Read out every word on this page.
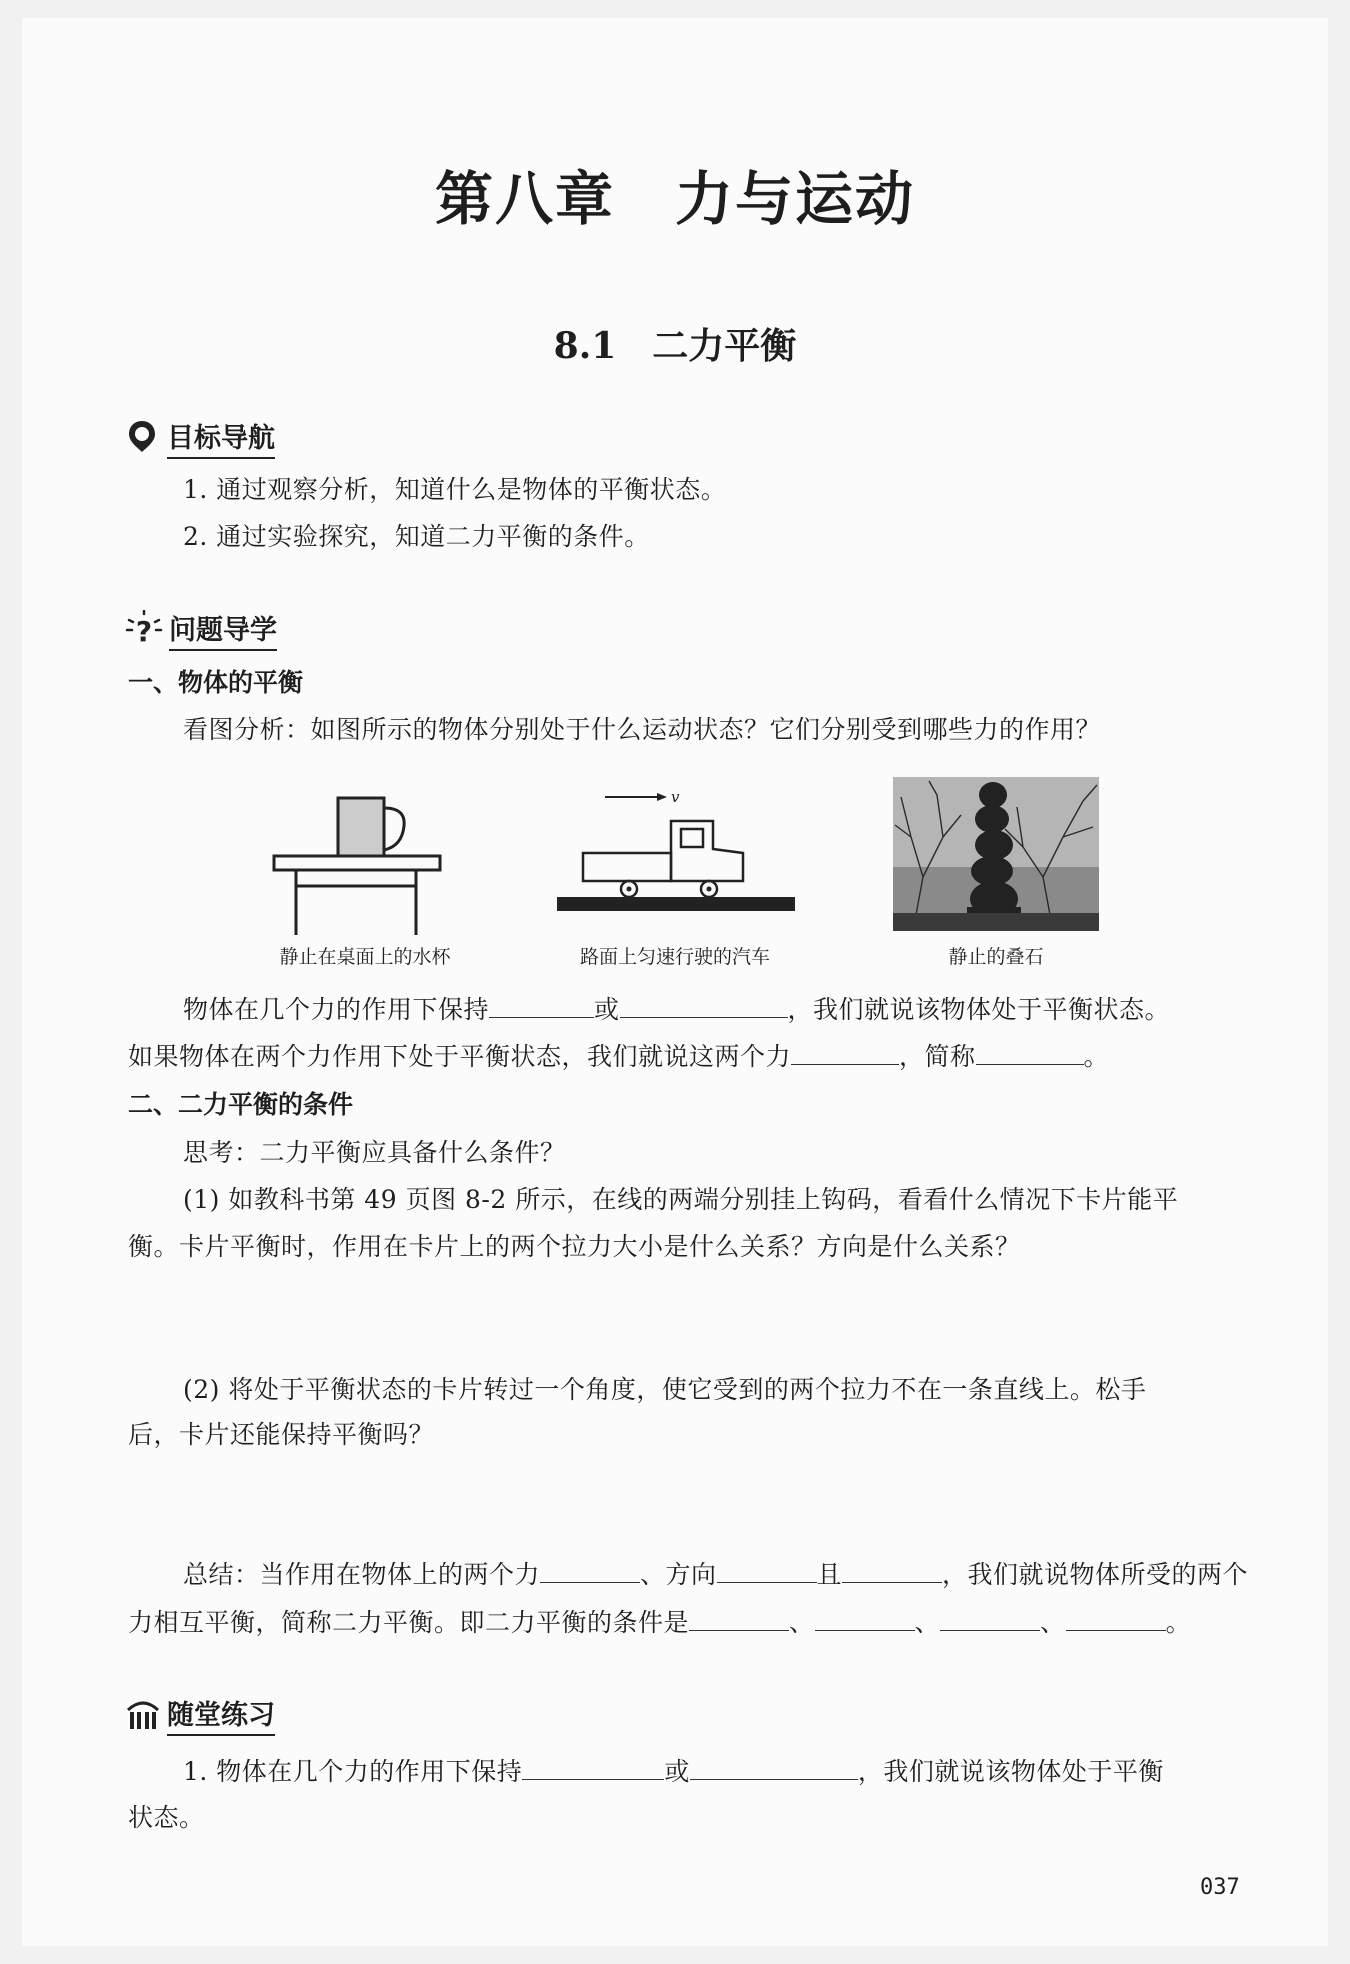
第八章　力与运动
8.1　二力平衡
目标导航
1. 通过观察分析，知道什么是物体的平衡状态。
2. 通过实验探究，知道二力平衡的条件。
? 问题导学
一、物体的平衡
看图分析：如图所示的物体分别处于什么运动状态？它们分别受到哪些力的作用？
静止在桌面上的水杯
v
路面上匀速行驶的汽车	静止的叠石
物体在几个力的作用下保持	或	，我们就说该物体处于平衡状态。
如果物体在两个力作用下处于平衡状态，我们就说这两个力	，简称	。
二、二力平衡的条件
思考：二力平衡应具备什么条件？
(1) 如教科书第 49 页图 8-2 所示，在线的两端分别挂上钩码，看看什么情况下卡片能平
衡。卡片平衡时，作用在卡片上的两个拉力大小是什么关系？方向是什么关系？
(2) 将处于平衡状态的卡片转过一个角度，使它受到的两个拉力不在一条直线上。松手
后，卡片还能保持平衡吗？
总结：当作用在物体上的两个力	、方向	且	，我们就说物体所受的两个
力相互平衡，简称二力平衡。即二力平衡的条件是	、	、	、	。
随堂练习
1. 物体在几个力的作用下保持	或	，我们就说该物体处于平衡
状态。
037
